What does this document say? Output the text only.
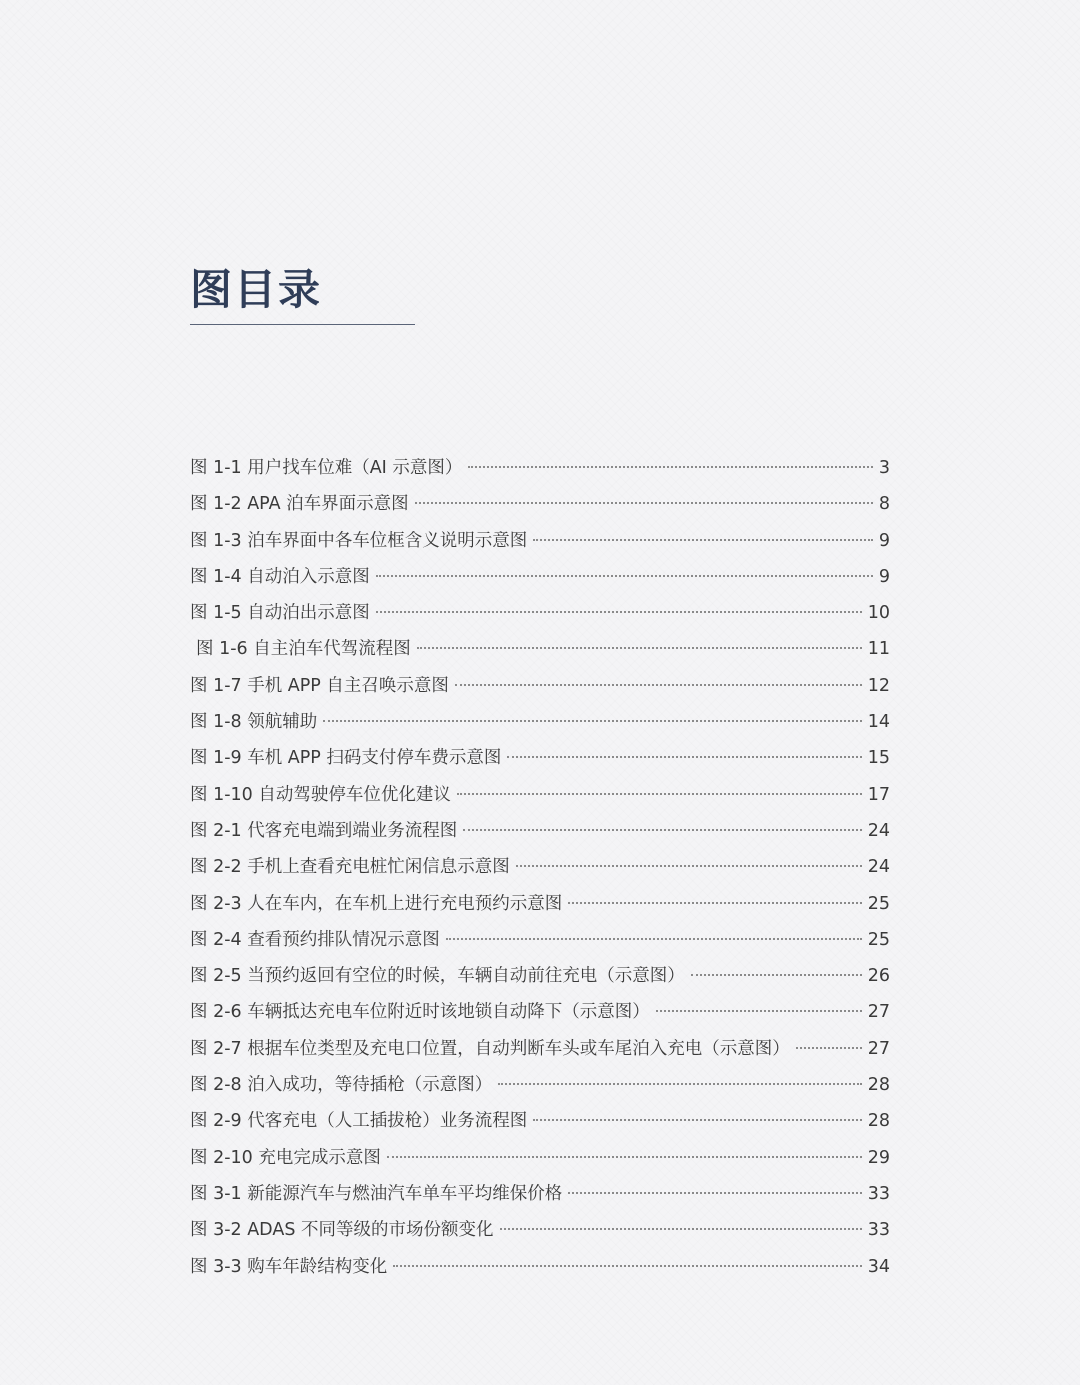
图目录
图 1-1 用户找车位难（AI 示意图）	3
图 1-2 APA 泊车界面示意图	8
图 1-3 泊车界面中各车位框含义说明示意图	9
图 1-4 自动泊入示意图	9
图 1-5 自动泊出示意图	10
图 1-6 自主泊车代驾流程图	11
图 1-7 手机 APP 自主召唤示意图	12
图 1-8 领航辅助	14
图 1-9 车机 APP 扫码支付停车费示意图	15
图 1-10 自动驾驶停车位优化建议	17
图 2-1 代客充电端到端业务流程图	24
图 2-2 手机上查看充电桩忙闲信息示意图	24
图 2-3 人在车内，在车机上进行充电预约示意图	25
图 2-4 查看预约排队情况示意图	25
图 2-5 当预约返回有空位的时候，车辆自动前往充电（示意图）	26
图 2-6 车辆抵达充电车位附近时该地锁自动降下（示意图）	27
图 2-7 根据车位类型及充电口位置，自动判断车头或车尾泊入充电（示意图）	27
图 2-8 泊入成功，等待插枪（示意图）	28
图 2-9 代客充电（人工插拔枪）业务流程图	28
图 2-10 充电完成示意图	29
图 3-1 新能源汽车与燃油汽车单车平均维保价格	33
图 3-2 ADAS 不同等级的市场份额变化	33
图 3-3 购车年龄结构变化	34
